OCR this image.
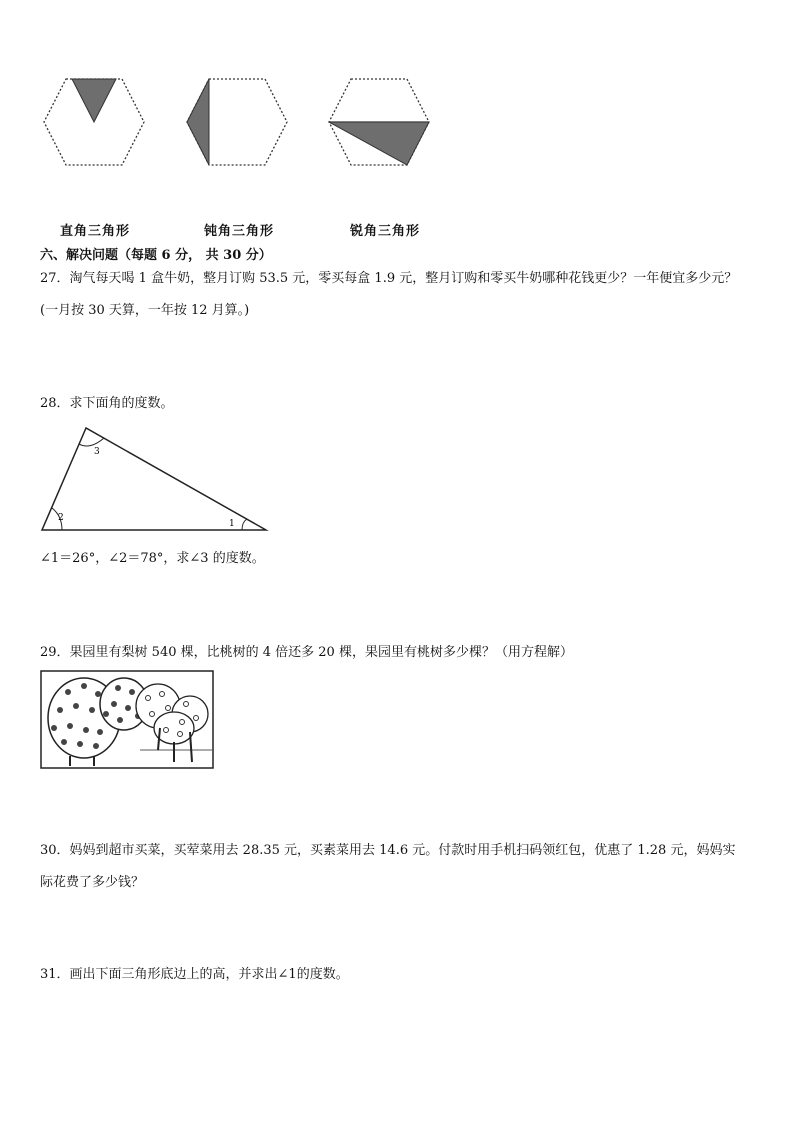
直角三角形	钝角三角形	锐角三角形
六、解决问题（每题 6 分， 共 30 分）
27．淘气每天喝 1 盒牛奶，整月订购 53.5 元，零买每盒 1.9 元，整月订购和零买牛奶哪种花钱更少？一年便宜多少元？
(一月按 30 天算，一年按 12 月算。)
28．求下面角的度数。
3
2
1
∠1＝26°，∠2＝78°，求∠3 的度数。
29．果园里有梨树 540 棵，比桃树的 4 倍还多 20 棵，果园里有桃树多少棵？（用方程解）
30．妈妈到超市买菜，买荤菜用去 28.35 元，买素菜用去 14.6 元。付款时用手机扫码领红包，优惠了 1.28 元，妈妈实
际花费了多少钱？
31．画出下面三角形底边上的高，并求出∠1的度数。
